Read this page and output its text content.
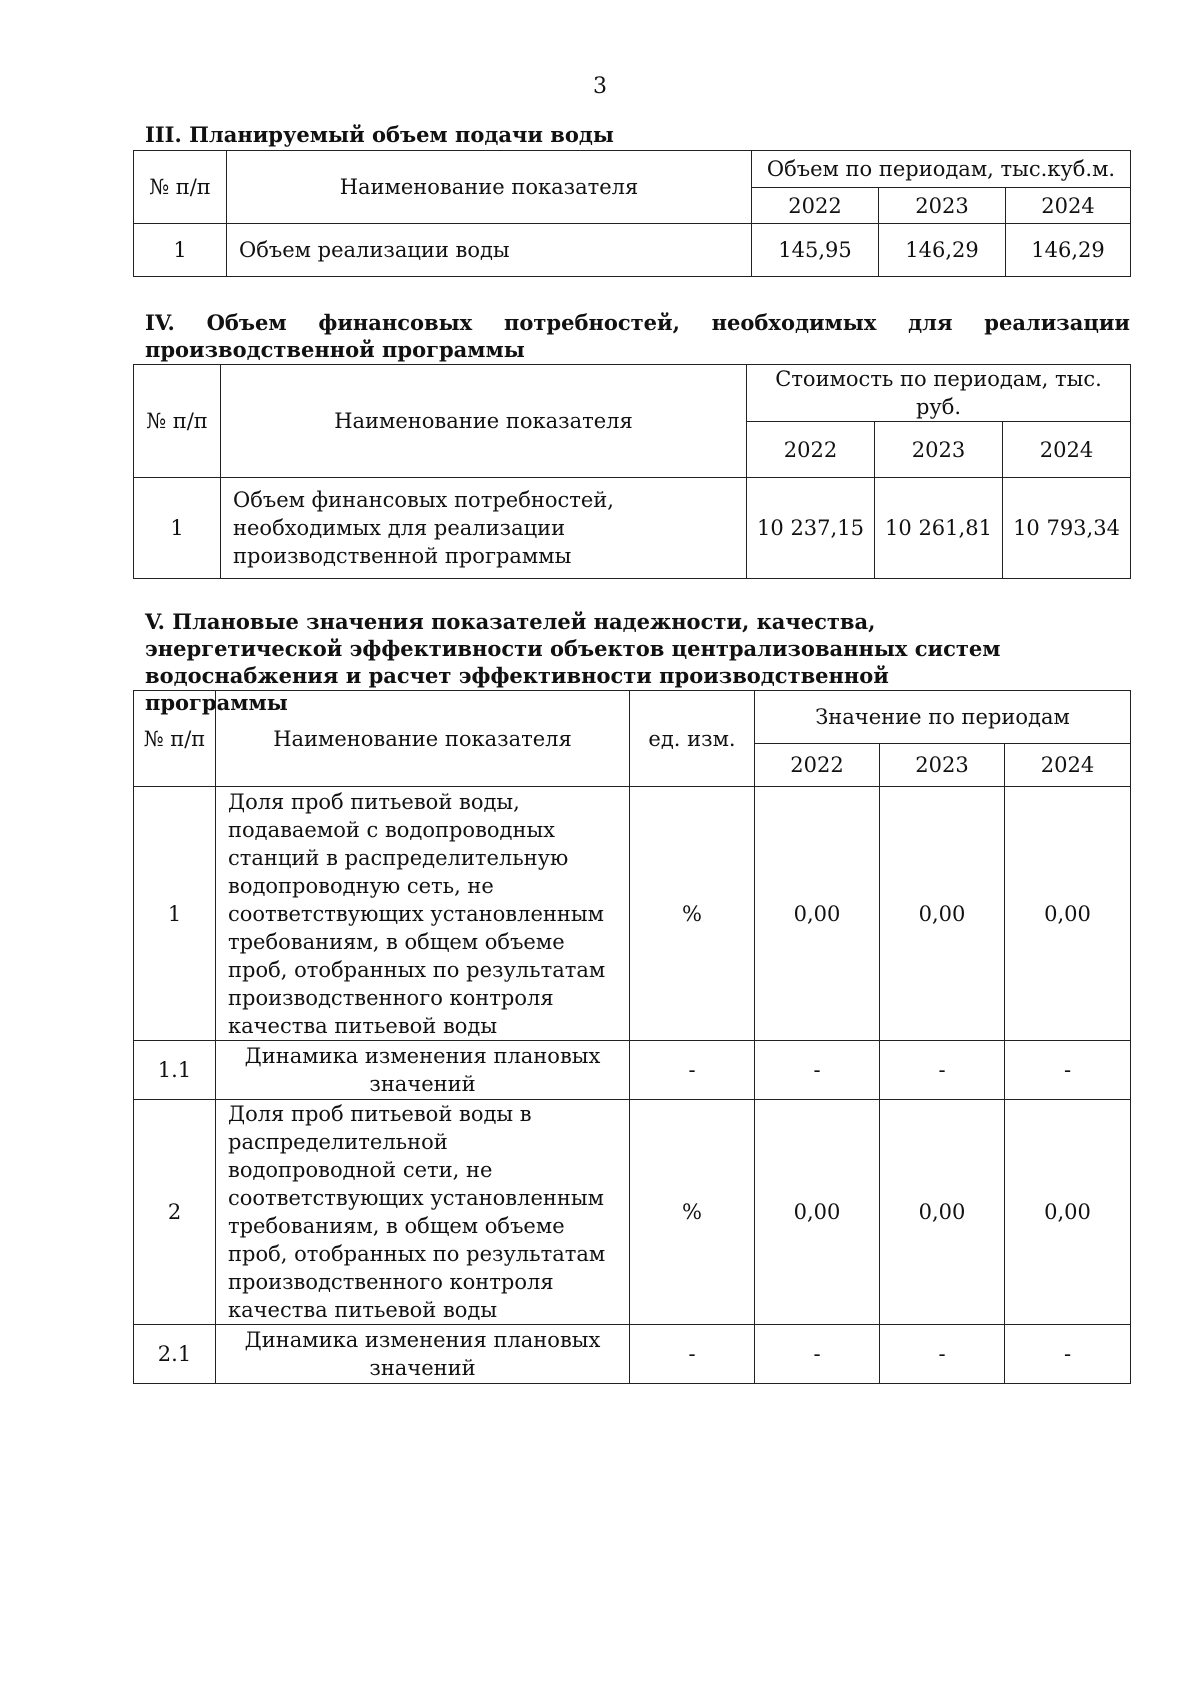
3
III. Планируемый объем подачи воды
№ п/п	Наименование показателя	Объем по периодам, тыс.куб.м.		
		2022	2023	2024
1	Объем реализации воды	145,95	146,29	146,29
IV. Объем финансовых потребностей, необходимых для реализации производственной программы
№ п/п	Наименование показателя	Стоимость по периодам, тыс. руб.		
		2022	2023	2024
1	Объем финансовых потребностей, необходимых для реализации производственной программы	10 237,15	10 261,81	10 793,34
V. Плановые значения показателей надежности, качества, энергетической эффективности объектов централизованных систем водоснабжения и расчет эффективности производственной программы
№ п/п	Наименование показателя	ед. изм.	Значение по периодам		
			2022	2023	2024
1	Доля проб питьевой воды, подаваемой с водопроводных станций в распределительную водопроводную сеть, не соответствующих установленным требованиям, в общем объеме проб, отобранных по результатам производственного контроля качества питьевой воды	%	0,00	0,00	0,00
1.1	Динамика изменения плановых значений	-	-	-	-
2	Доля проб питьевой воды в распределительной водопроводной сети, не соответствующих установленным требованиям, в общем объеме проб, отобранных по результатам производственного контроля качества питьевой воды	%	0,00	0,00	0,00
2.1	Динамика изменения плановых значений	-	-	-	-
